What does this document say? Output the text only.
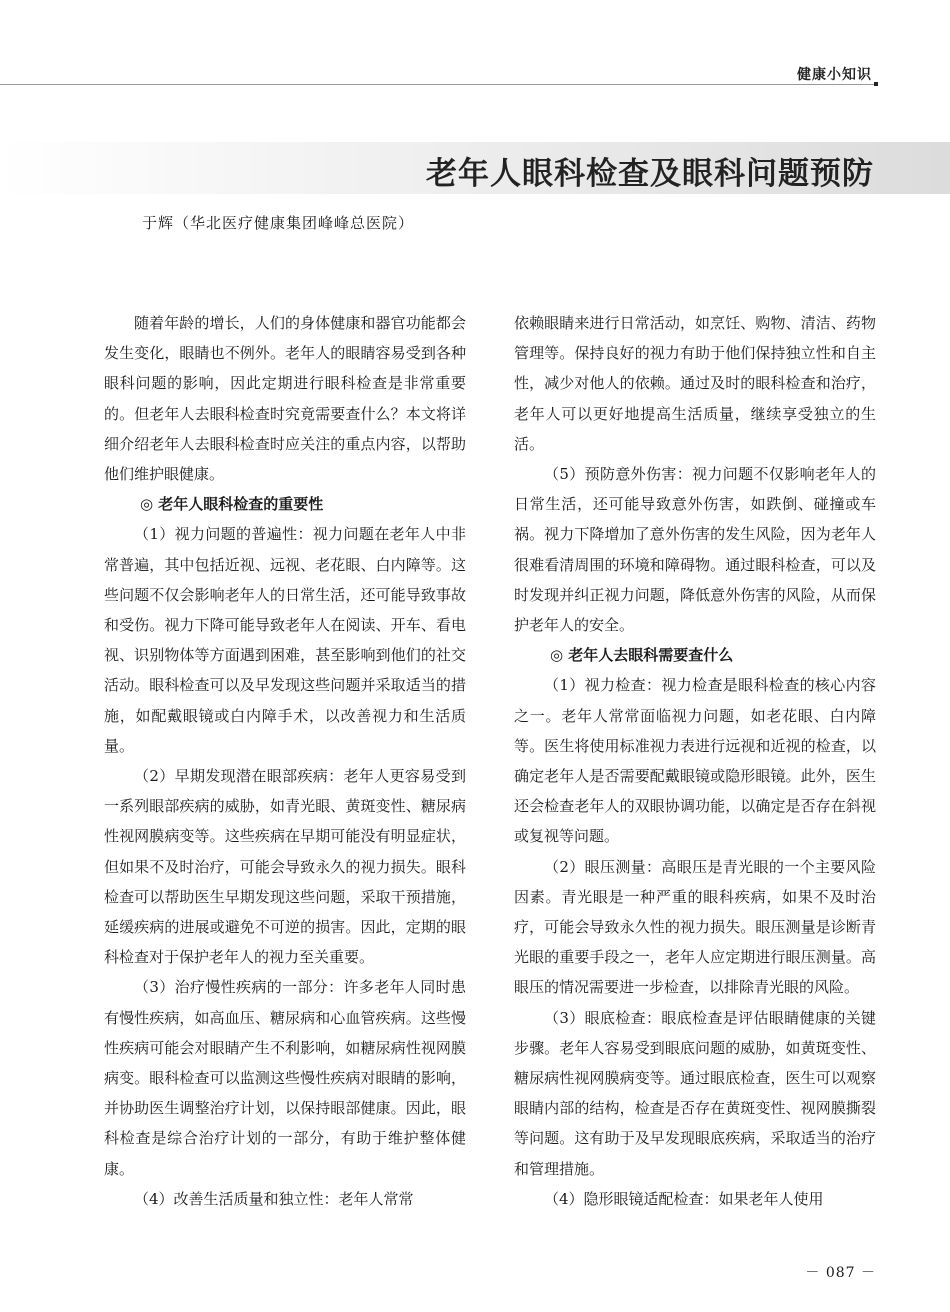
健康小知识
老年人眼科检查及眼科问题预防
于辉（华北医疗健康集团峰峰总医院）

随着年龄的增长，人们的身体健康和器官功能都会发生变化，眼睛也不例外。老年人的眼睛容易受到各种眼科问题的影响，因此定期进行眼科检查是非常重要的。但老年人去眼科检查时究竟需要查什么？本文将详细介绍老年人去眼科检查时应关注的重点内容，以帮助他们维护眼健康。

◎ 老年人眼科检查的重要性

（1）视力问题的普遍性：视力问题在老年人中非常普遍，其中包括近视、远视、老花眼、白内障等。这些问题不仅会影响老年人的日常生活，还可能导致事故和受伤。视力下降可能导致老年人在阅读、开车、看电视、识别物体等方面遇到困难，甚至影响到他们的社交活动。眼科检查可以及早发现这些问题并采取适当的措施，如配戴眼镜或白内障手术，以改善视力和生活质量。

（2）早期发现潜在眼部疾病：老年人更容易受到一系列眼部疾病的威胁，如青光眼、黄斑变性、糖尿病性视网膜病变等。这些疾病在早期可能没有明显症状，但如果不及时治疗，可能会导致永久的视力损失。眼科检查可以帮助医生早期发现这些问题，采取干预措施，延缓疾病的进展或避免不可逆的损害。因此，定期的眼科检查对于保护老年人的视力至关重要。

（3）治疗慢性疾病的一部分：许多老年人同时患有慢性疾病，如高血压、糖尿病和心血管疾病。这些慢性疾病可能会对眼睛产生不利影响，如糖尿病性视网膜病变。眼科检查可以监测这些慢性疾病对眼睛的影响，并协助医生调整治疗计划，以保持眼部健康。因此，眼科检查是综合治疗计划的一部分，有助于维护整体健康。

（4）改善生活质量和独立性：老年人常常

依赖眼睛来进行日常活动，如烹饪、购物、清洁、药物管理等。保持良好的视力有助于他们保持独立性和自主性，减少对他人的依赖。通过及时的眼科检查和治疗，老年人可以更好地提高生活质量，继续享受独立的生活。

（5）预防意外伤害：视力问题不仅影响老年人的日常生活，还可能导致意外伤害，如跌倒、碰撞或车祸。视力下降增加了意外伤害的发生风险，因为老年人很难看清周围的环境和障碍物。通过眼科检查，可以及时发现并纠正视力问题，降低意外伤害的风险，从而保护老年人的安全。

◎ 老年人去眼科需要查什么

（1）视力检查：视力检查是眼科检查的核心内容之一。老年人常常面临视力问题，如老花眼、白内障等。医生将使用标准视力表进行远视和近视的检查，以确定老年人是否需要配戴眼镜或隐形眼镜。此外，医生还会检查老年人的双眼协调功能，以确定是否存在斜视或复视等问题。

（2）眼压测量：高眼压是青光眼的一个主要风险因素。青光眼是一种严重的眼科疾病，如果不及时治疗，可能会导致永久性的视力损失。眼压测量是诊断青光眼的重要手段之一，老年人应定期进行眼压测量。高眼压的情况需要进一步检查，以排除青光眼的风险。

（3）眼底检查：眼底检查是评估眼睛健康的关键步骤。老年人容易受到眼底问题的威胁，如黄斑变性、糖尿病性视网膜病变等。通过眼底检查，医生可以观察眼睛内部的结构，检查是否存在黄斑变性、视网膜撕裂等问题。这有助于及早发现眼底疾病，采取适当的治疗和管理措施。

（4）隐形眼镜适配检查：如果老年人使用

－ 087 －
